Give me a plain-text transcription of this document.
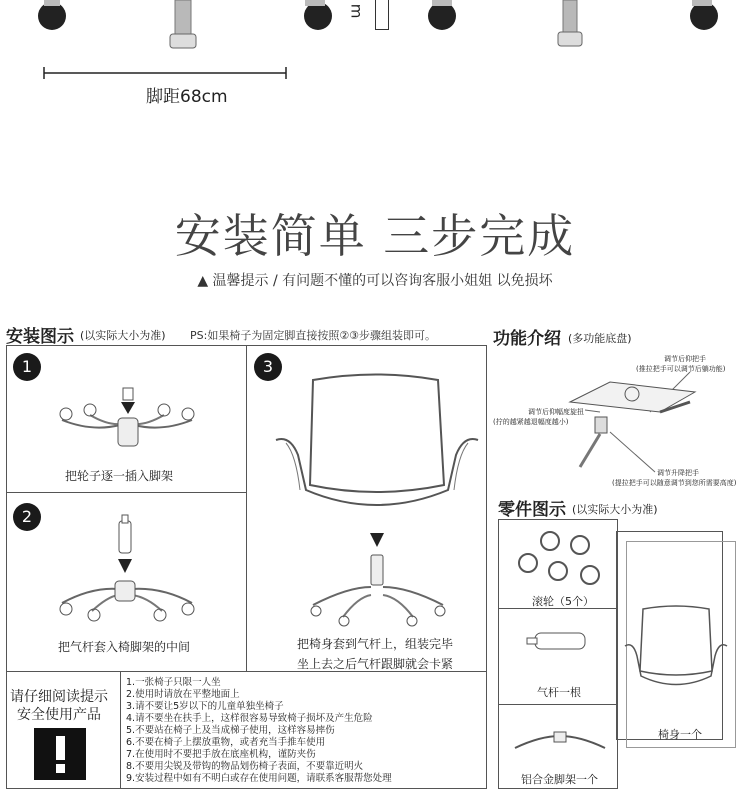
m
脚距68cm
安装简单 三步完成
▲ 温馨提示 / 有问题不懂的可以咨询客服小姐姐 以免损坏
安装图示 (以实际大小为准) PS:如果椅子为固定脚直接按照②③步骤组装即可。
1
把轮子逐一插入脚架
2
把气杆套入椅脚架的中间
3
把椅身套到气杆上，组装完毕
坐上去之后气杆跟脚就会卡紧
请仔细阅读提示
安全使用产品
1.一张椅子只限一人坐
2.使用时请放在平整地面上
3.请不要让5岁以下的儿童单独坐椅子
4.请不要坐在扶手上，这样很容易导致椅子损坏及产生危险
5.不要站在椅子上及当成梯子使用，这样容易摔伤
6.不要在椅子上摆放重物，或者充当手推车使用
7.在使用时不要把手放在底座机构，谨防夹伤
8.不要用尖锐及带钩的物品划伤椅子表面，不要靠近明火
9.安装过程中如有不明白或存在使用问题，请联系客服帮您处理
功能介绍 (多功能底盘)
调节后仰把手
(推拉把手可以调节后躺功能)
调节后仰幅度旋扭
(拧的越紧越退幅度越小)
调节升降把手
(提拉把手可以随意调节到您所需要高度)
零件图示 (以实际大小为准)
滚轮（5个）
气杆一根
椅身一个
铝合金脚架一个
